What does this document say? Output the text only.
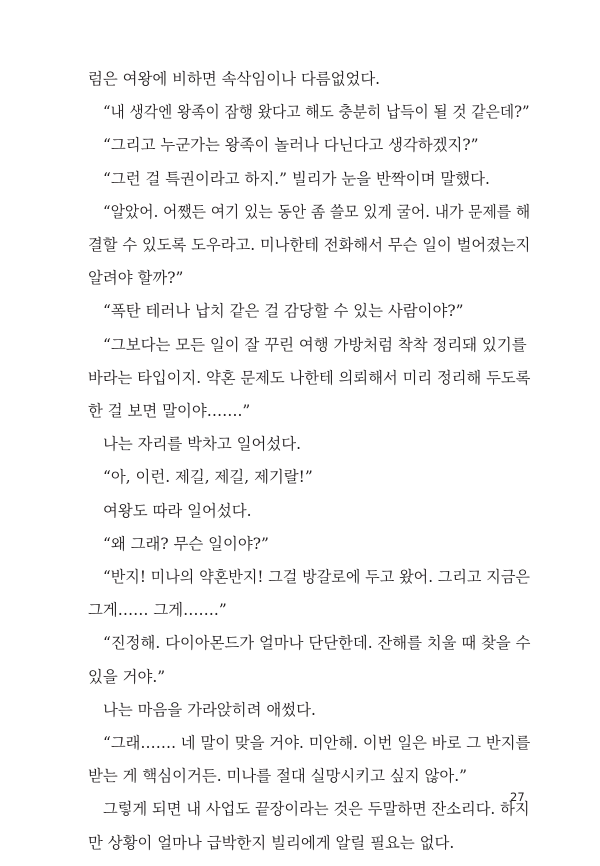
럼은 여왕에 비하면 속삭임이나 다름없었다.

“내 생각엔 왕족이 잠행 왔다고 해도 충분히 납득이 될 것 같은데?”

“그리고 누군가는 왕족이 놀러나 다닌다고 생각하겠지?”

“그런 걸 특권이라고 하지.” 빌리가 눈을 반짝이며 말했다.

“알았어. 어쨌든 여기 있는 동안 좀 쓸모 있게 굴어. 내가 문제를 해

결할 수 있도록 도우라고. 미나한테 전화해서 무슨 일이 벌어졌는지
알려야 할까?”

“폭탄 테러나 납치 같은 걸 감당할 수 있는 사람이야?”

“그보다는 모든 일이 잘 꾸린 여행 가방처럼 착착 정리돼 있기를

바라는 타입이지. 약혼 문제도 나한테 의뢰해서 미리 정리해 두도록
한 걸 보면 말이야…….”

나는 자리를 박차고 일어섰다.

“아, 이런. 제길, 제길, 제기랄!”

여왕도 따라 일어섰다.

“왜 그래? 무슨 일이야?”

“반지! 미나의 약혼반지! 그걸 방갈로에 두고 왔어. 그리고 지금은

그게…… 그게…….”

“진정해. 다이아몬드가 얼마나 단단한데. 잔해를 치울 때 찾을 수

있을 거야.”

나는 마음을 가라앉히려 애썼다.

“그래……. 네 말이 맞을 거야. 미안해. 이번 일은 바로 그 반지를

받는 게 핵심이거든. 미나를 절대 실망시키고 싶지 않아.”

그렇게 되면 내 사업도 끝장이라는 것은 두말하면 잔소리다. 하지

만 상황이 얼마나 급박한지 빌리에게 알릴 필요는 없다.

27
